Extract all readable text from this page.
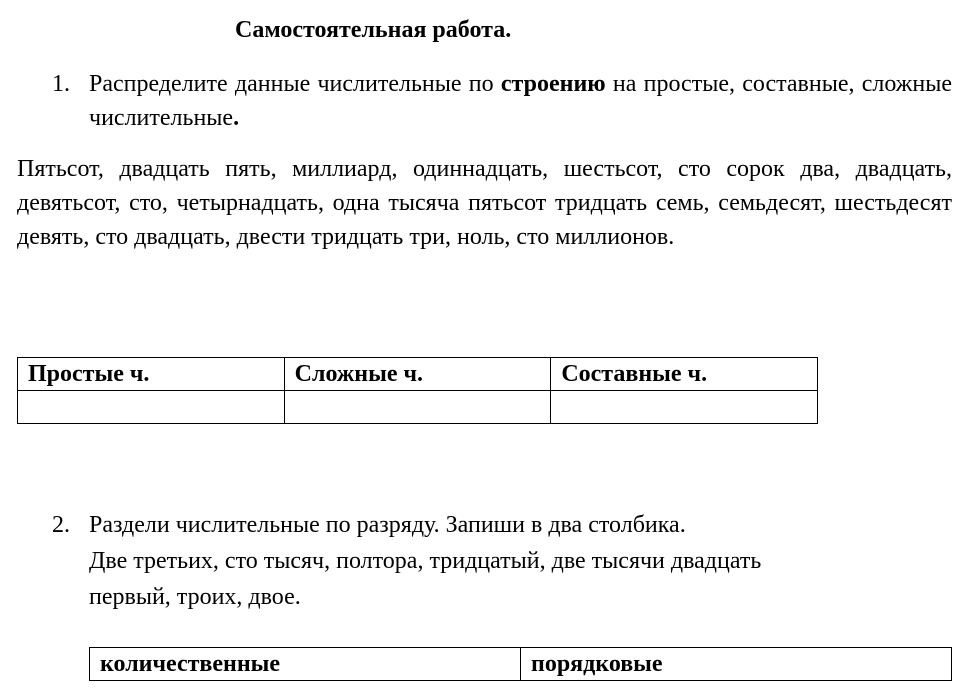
Самостоятельная работа.
1. Распределите данные числительные по строению на простые, составные, сложные числительные.
Пятьсот, двадцать пять, миллиард, одиннадцать, шестьсот, сто сорок два, двадцать, девятьсот, сто, четырнадцать, одна тысяча пятьсот тридцать семь, семьдесят, шестьдесят девять, сто двадцать, двести тридцать три, ноль, сто миллионов.
Простые ч.	Сложные ч.	Составные ч.

2. Раздели числительные по разряду. Запиши в два столбика.
Две третьих, сто тысяч, полтора, тридцатый, две тысячи двадцать
первый, троих, двое.
количественные	порядковые
